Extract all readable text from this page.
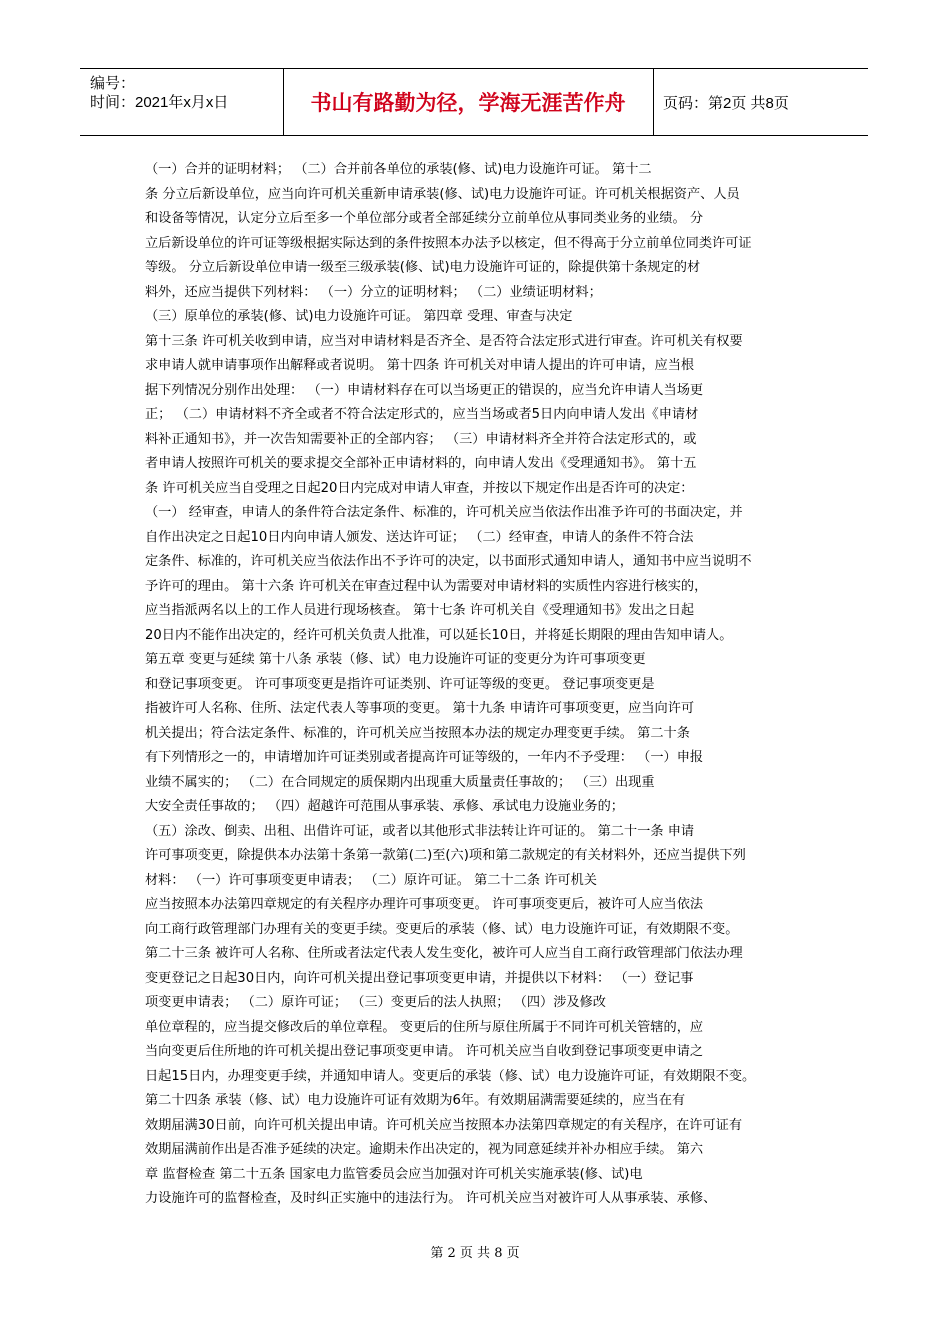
编号：
时间：2021年x月x日	书山有路勤为径，学海无涯苦作舟	页码：第2页 共8页
（一）合并的证明材料； （二）合并前各单位的承装(修、试)电力设施许可证。 第十二
条 分立后新设单位，应当向许可机关重新申请承装(修、试)电力设施许可证。许可机关根据资产、人员
和设备等情况，认定分立后至多一个单位部分或者全部延续分立前单位从事同类业务的业绩。 分
立后新设单位的许可证等级根据实际达到的条件按照本办法予以核定，但不得高于分立前单位同类许可证
等级。 分立后新设单位申请一级至三级承装(修、试)电力设施许可证的，除提供第十条规定的材
料外，还应当提供下列材料： （一）分立的证明材料； （二）业绩证明材料；
（三）原单位的承装(修、试)电力设施许可证。 第四章 受理、审查与决定
第十三条 许可机关收到申请，应当对申请材料是否齐全、是否符合法定形式进行审查。许可机关有权要
求申请人就申请事项作出解释或者说明。 第十四条 许可机关对申请人提出的许可申请，应当根
据下列情况分别作出处理： （一）申请材料存在可以当场更正的错误的，应当允许申请人当场更
正； （二）申请材料不齐全或者不符合法定形式的，应当当场或者5日内向申请人发出《申请材
料补正通知书》，并一次告知需要补正的全部内容； （三）申请材料齐全并符合法定形式的，或
者申请人按照许可机关的要求提交全部补正申请材料的，向申请人发出《受理通知书》。 第十五
条 许可机关应当自受理之日起20日内完成对申请人审查，并按以下规定作出是否许可的决定：
（一） 经审查，申请人的条件符合法定条件、标准的，许可机关应当依法作出准予许可的书面决定，并
自作出决定之日起10日内向申请人颁发、送达许可证； （二）经审查，申请人的条件不符合法
定条件、标准的，许可机关应当依法作出不予许可的决定，以书面形式通知申请人，通知书中应当说明不
予许可的理由。 第十六条 许可机关在审查过程中认为需要对申请材料的实质性内容进行核实的，
应当指派两名以上的工作人员进行现场核查。 第十七条 许可机关自《受理通知书》发出之日起
20日内不能作出决定的，经许可机关负责人批准，可以延长10日，并将延长期限的理由告知申请人。
第五章 变更与延续 第十八条 承装（修、试）电力设施许可证的变更分为许可事项变更
和登记事项变更。 许可事项变更是指许可证类别、许可证等级的变更。 登记事项变更是
指被许可人名称、住所、法定代表人等事项的变更。 第十九条 申请许可事项变更，应当向许可
机关提出；符合法定条件、标准的，许可机关应当按照本办法的规定办理变更手续。 第二十条
有下列情形之一的，申请增加许可证类别或者提高许可证等级的，一年内不予受理： （一）申报
业绩不属实的； （二）在合同规定的质保期内出现重大质量责任事故的； （三）出现重
大安全责任事故的； （四）超越许可范围从事承装、承修、承试电力设施业务的；
（五）涂改、倒卖、出租、出借许可证，或者以其他形式非法转让许可证的。 第二十一条 申请
许可事项变更，除提供本办法第十条第一款第(二)至(六)项和第二款规定的有关材料外，还应当提供下列
材料： （一）许可事项变更申请表； （二）原许可证。 第二十二条 许可机关
应当按照本办法第四章规定的有关程序办理许可事项变更。 许可事项变更后，被许可人应当依法
向工商行政管理部门办理有关的变更手续。变更后的承装（修、试）电力设施许可证，有效期限不变。
第二十三条 被许可人名称、住所或者法定代表人发生变化，被许可人应当自工商行政管理部门依法办理
变更登记之日起30日内，向许可机关提出登记事项变更申请，并提供以下材料： （一）登记事
项变更申请表； （二）原许可证； （三）变更后的法人执照； （四）涉及修改
单位章程的，应当提交修改后的单位章程。 变更后的住所与原住所属于不同许可机关管辖的，应
当向变更后住所地的许可机关提出登记事项变更申请。 许可机关应当自收到登记事项变更申请之
日起15日内，办理变更手续，并通知申请人。变更后的承装（修、试）电力设施许可证，有效期限不变。
第二十四条 承装（修、试）电力设施许可证有效期为6年。有效期届满需要延续的，应当在有
效期届满30日前，向许可机关提出申请。许可机关应当按照本办法第四章规定的有关程序，在许可证有
效期届满前作出是否准予延续的决定。逾期未作出决定的，视为同意延续并补办相应手续。 第六
章 监督检查 第二十五条 国家电力监管委员会应当加强对许可机关实施承装(修、试)电
力设施许可的监督检查，及时纠正实施中的违法行为。 许可机关应当对被许可人从事承装、承修、
第 2 页 共 8 页
